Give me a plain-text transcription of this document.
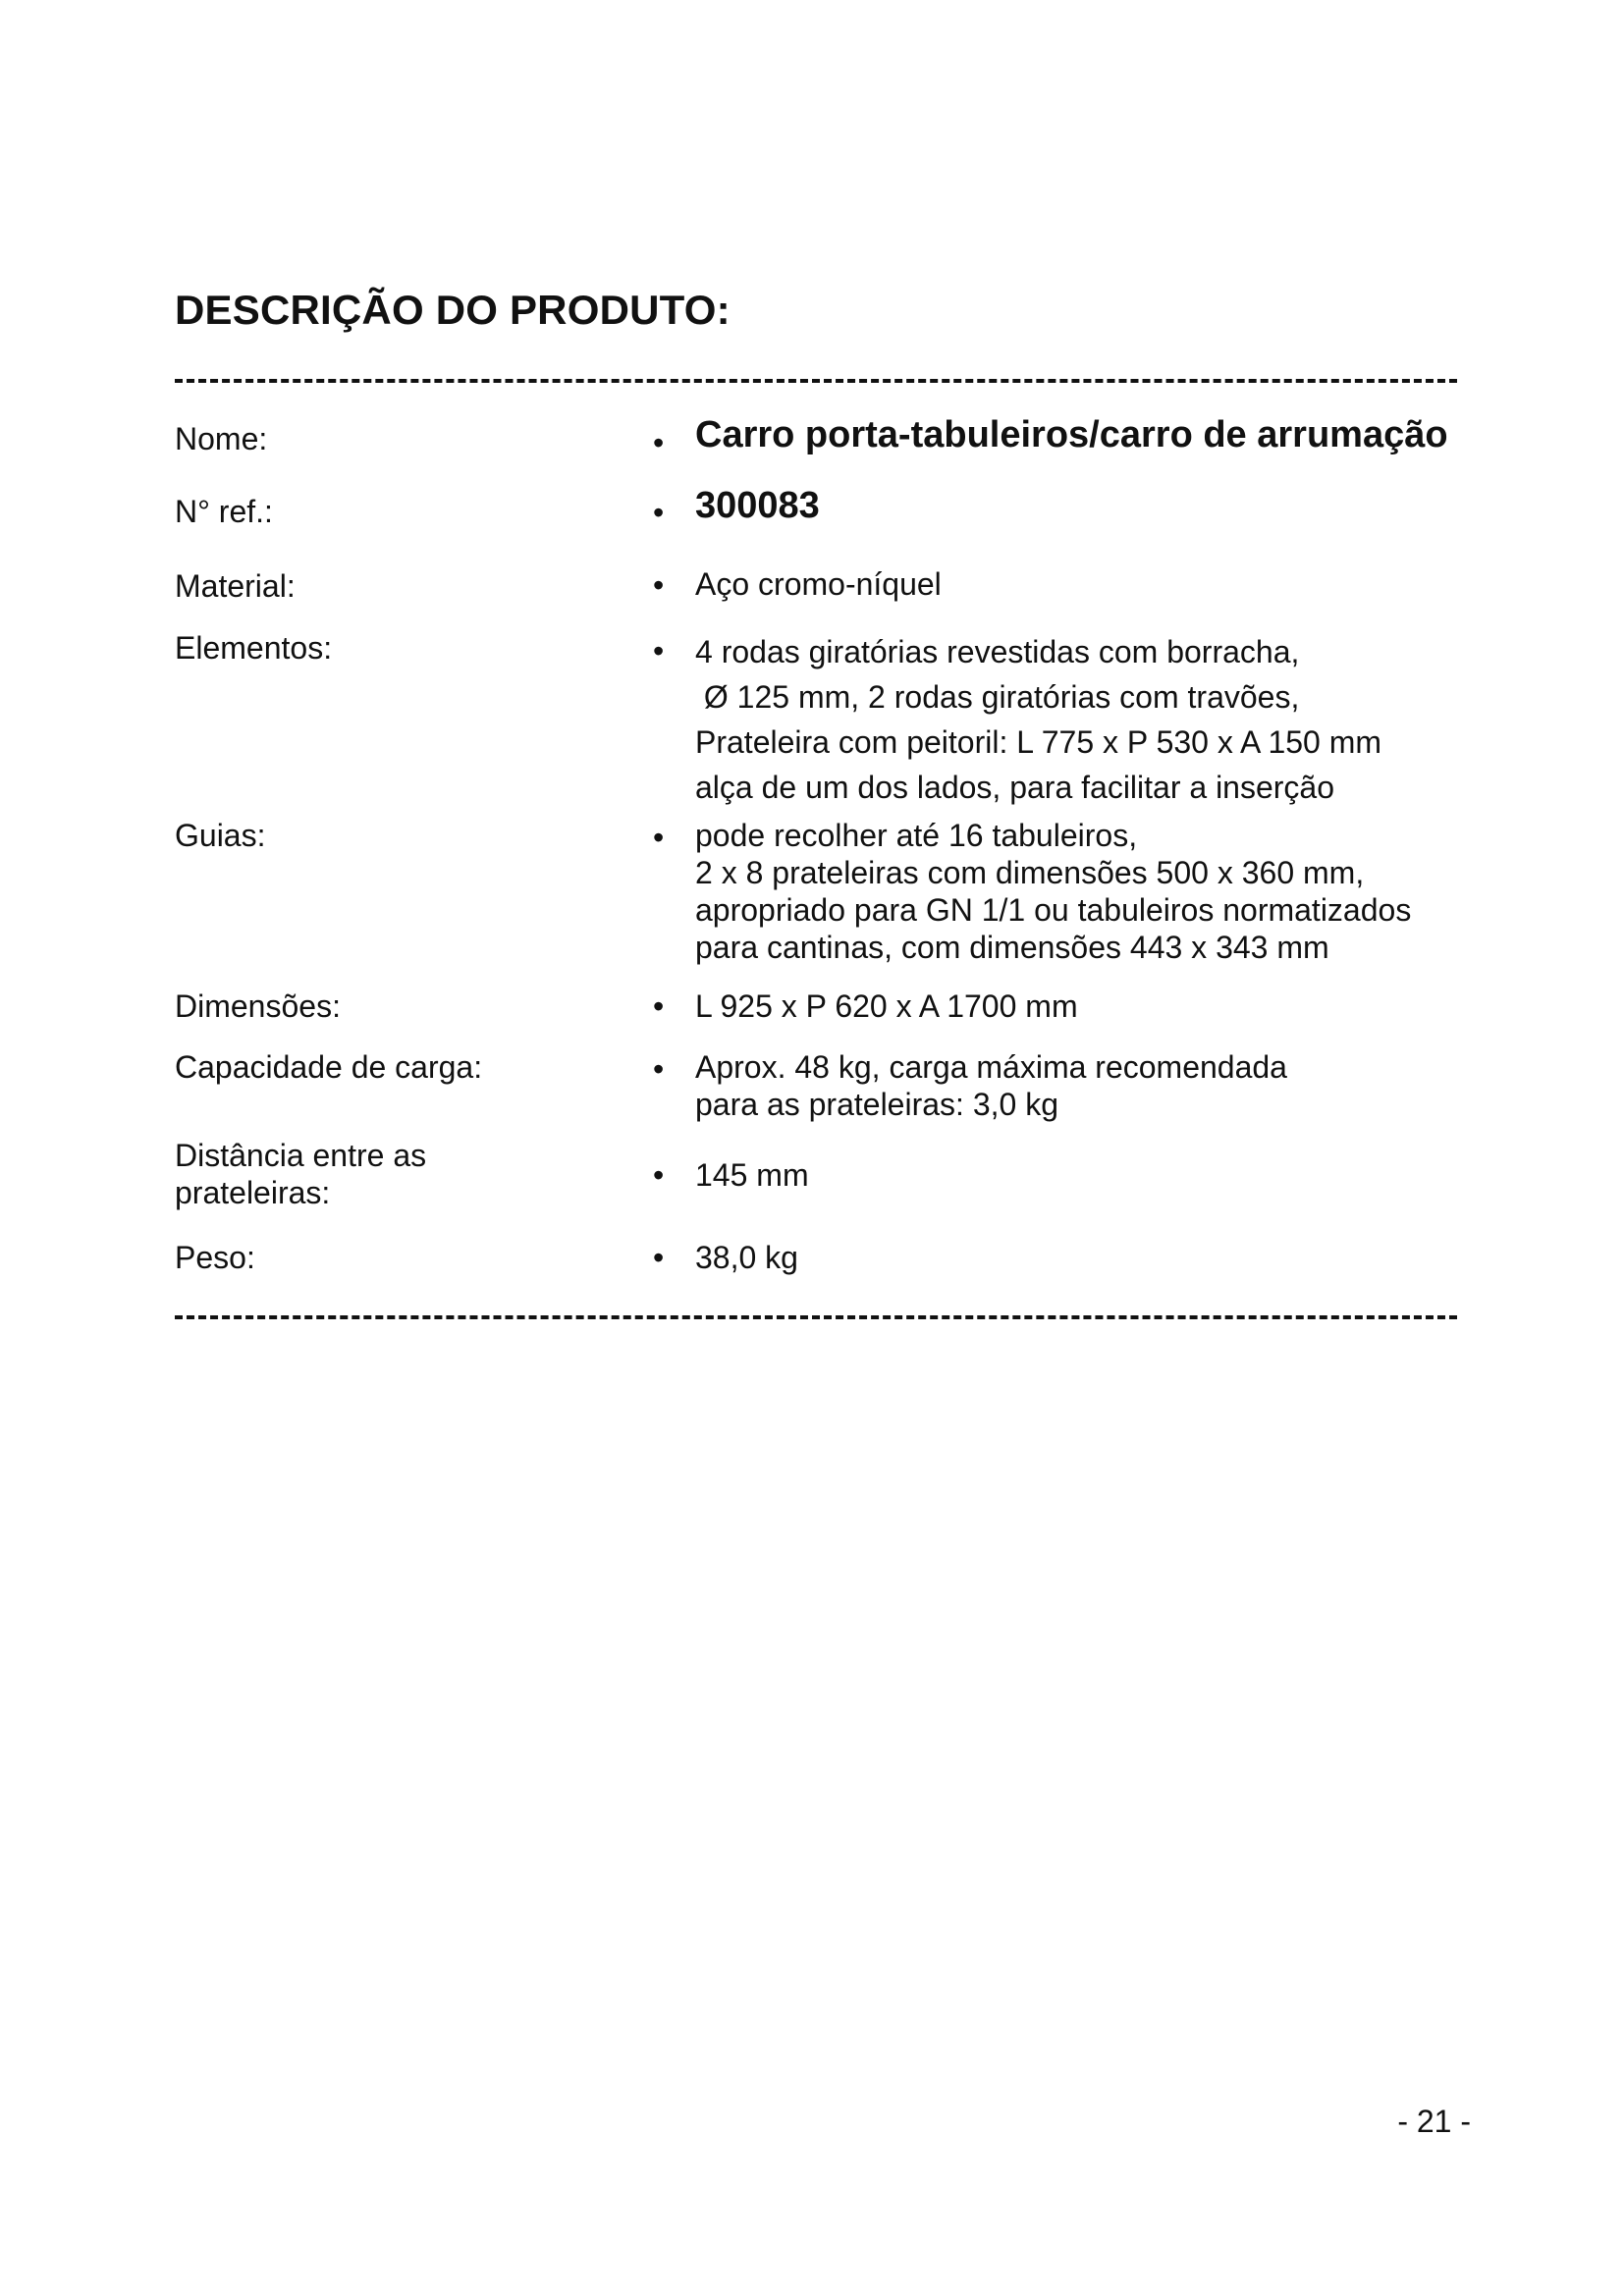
DESCRIÇÃO DO PRODUTO:
Nome:	• Carro porta-tabuleiros/carro de arrumação
N° ref.:	• 300083
Material:	• Aço cromo-níquel
Elementos:	• 4 rodas giratórias revestidas com borracha,
Ø 125 mm, 2 rodas giratórias com travões,
Prateleira com peitoril: L 775 x P 530 x A 150 mm
alça de um dos lados, para facilitar a inserção
Guias:	• pode recolher até 16 tabuleiros,
2 x 8 prateleiras com dimensões 500 x 360 mm,
apropriado para GN 1/1 ou tabuleiros normatizados
para cantinas, com dimensões 443 x 343 mm
Dimensões:	• L 925 x P 620 x A 1700 mm
Capacidade de carga:	• Aprox. 48 kg, carga máxima recomendada
para as prateleiras: 3,0 kg
Distância entre as
prateleiras:	• 145 mm
Peso:	• 38,0 kg
- 21 -
